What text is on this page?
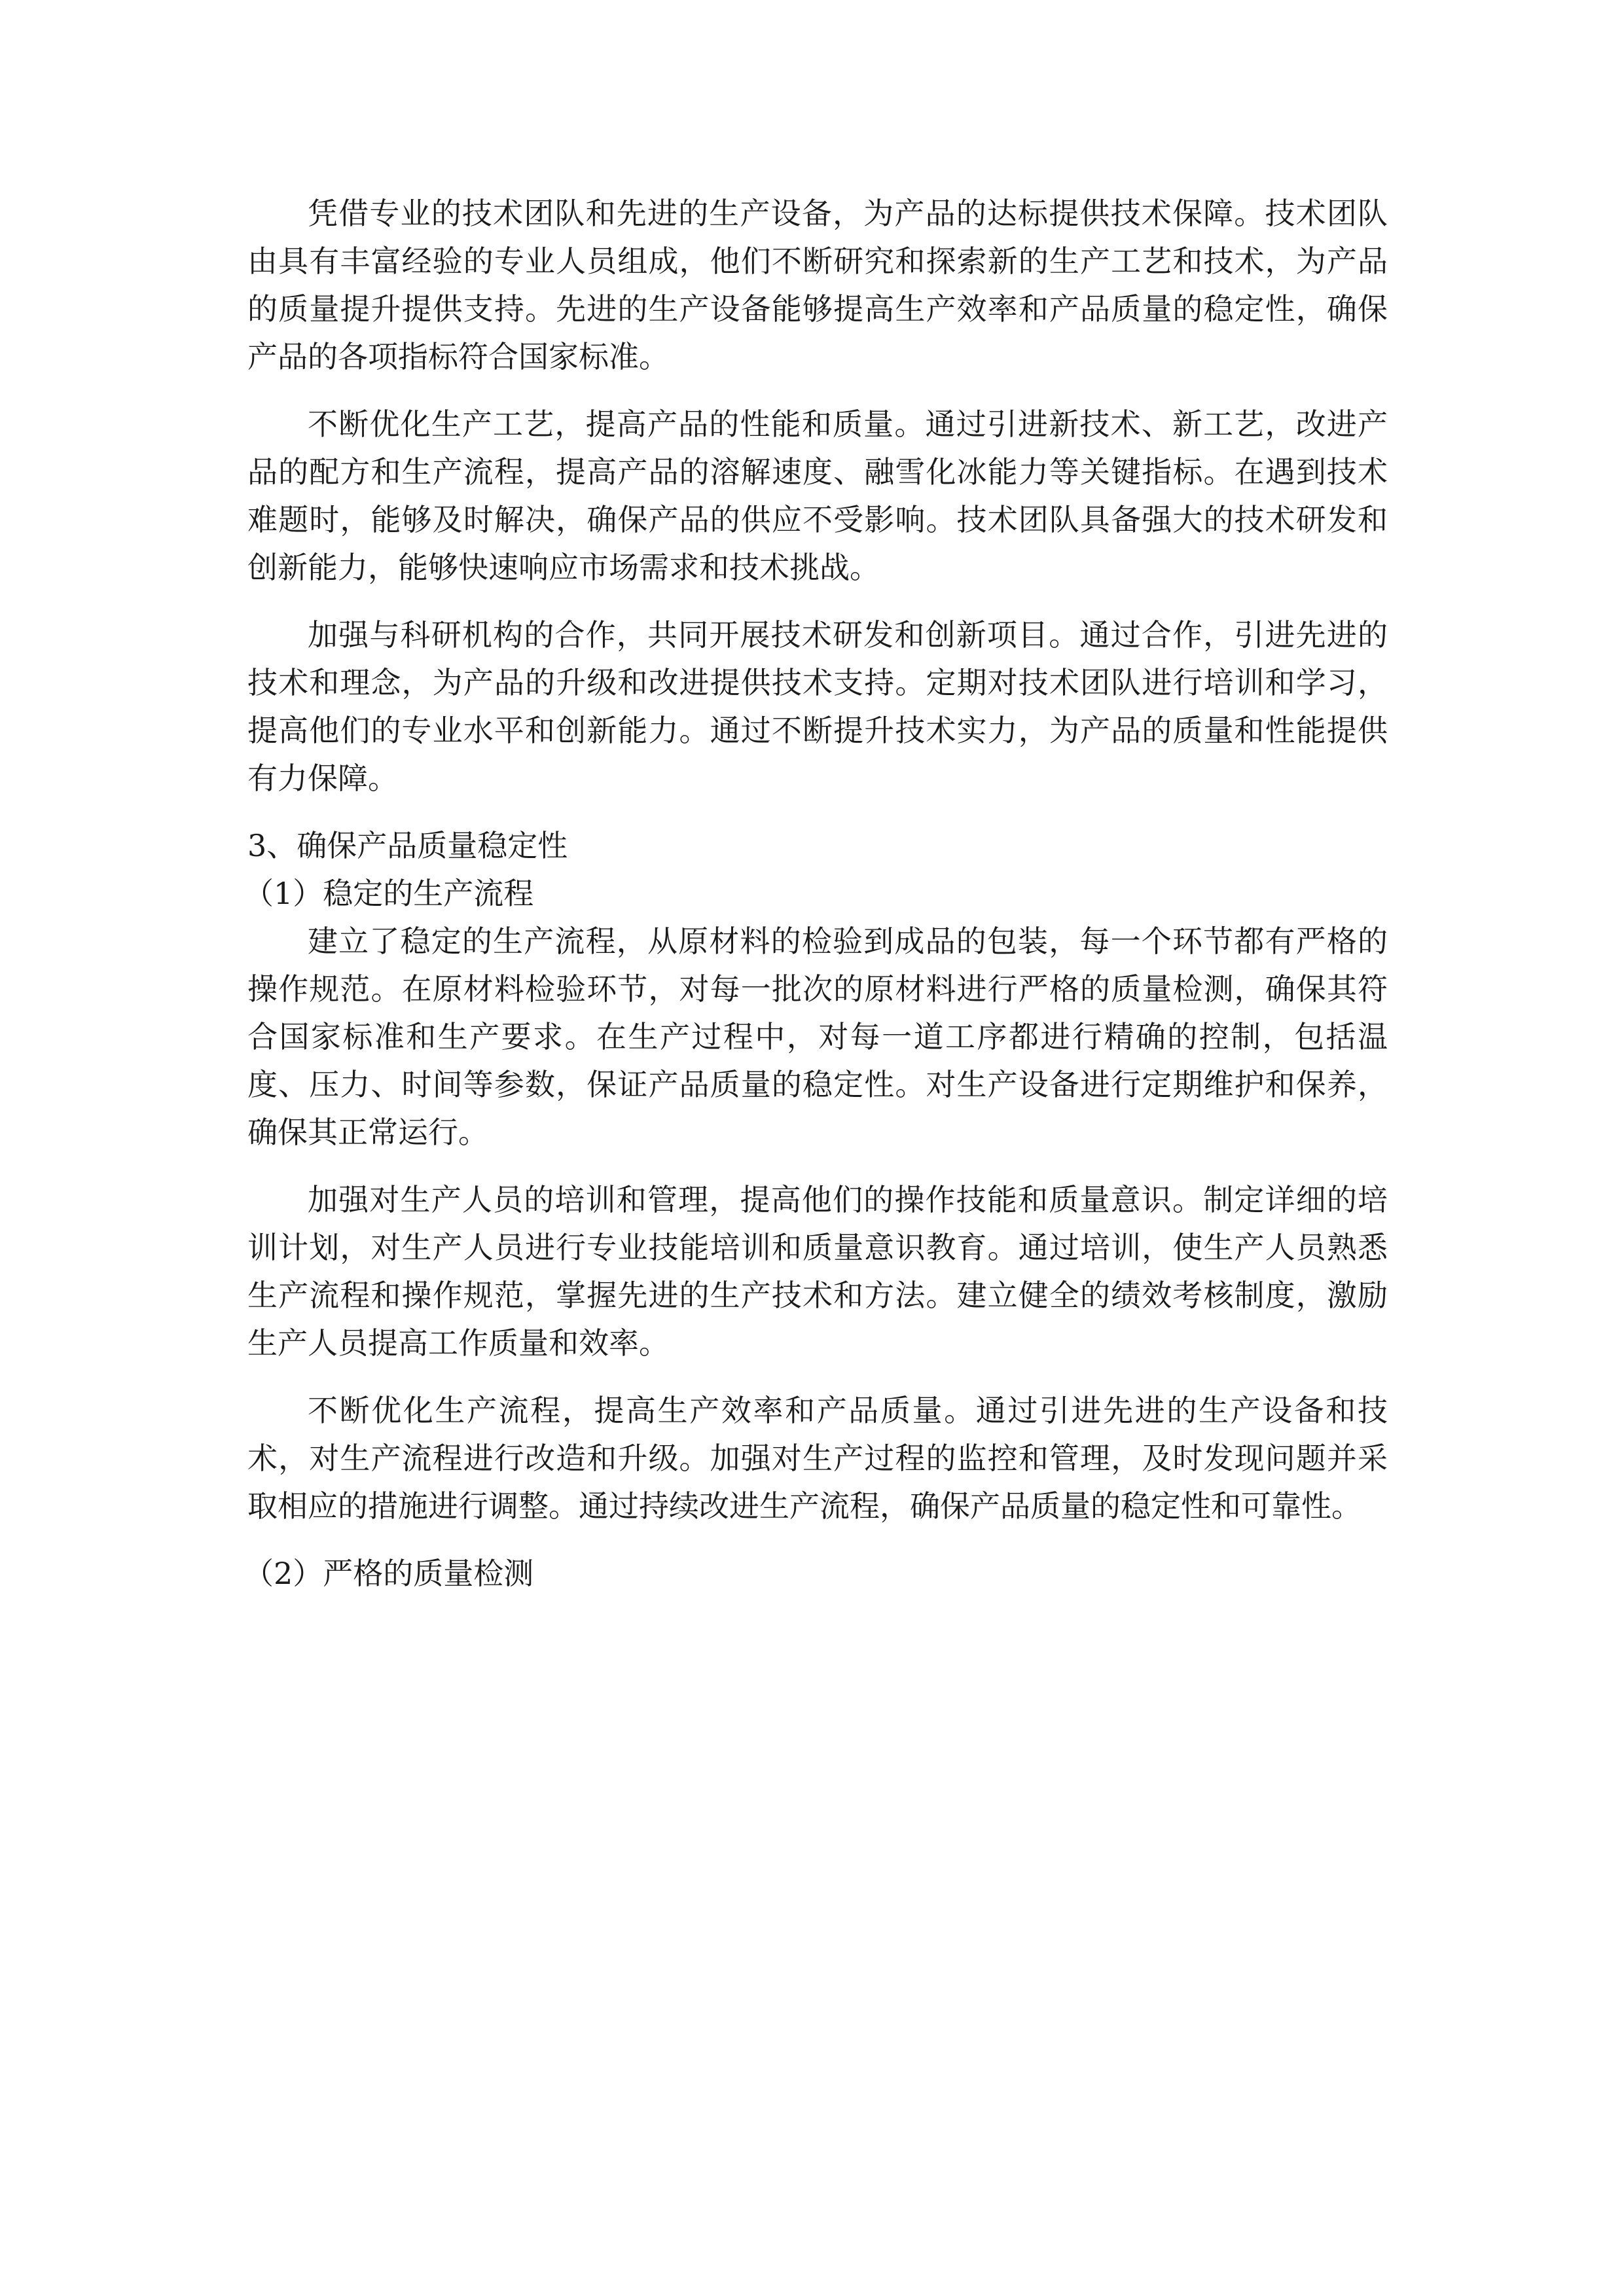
凭借专业的技术团队和先进的生产设备，为产品的达标提供技术保障。技术团队由具有丰富经验的专业人员组成，他们不断研究和探索新的生产工艺和技术，为产品的质量提升提供支持。先进的生产设备能够提高生产效率和产品质量的稳定性，确保产品的各项指标符合国家标准。

不断优化生产工艺，提高产品的性能和质量。通过引进新技术、新工艺，改进产品的配方和生产流程，提高产品的溶解速度、融雪化冰能力等关键指标。在遇到技术难题时，能够及时解决，确保产品的供应不受影响。技术团队具备强大的技术研发和创新能力，能够快速响应市场需求和技术挑战。

加强与科研机构的合作，共同开展技术研发和创新项目。通过合作，引进先进的技术和理念，为产品的升级和改进提供技术支持。定期对技术团队进行培训和学习，提高他们的专业水平和创新能力。通过不断提升技术实力，为产品的质量和性能提供有力保障。

3、确保产品质量稳定性
（1）稳定的生产流程

建立了稳定的生产流程，从原材料的检验到成品的包装，每一个环节都有严格的操作规范。在原材料检验环节，对每一批次的原材料进行严格的质量检测，确保其符合国家标准和生产要求。在生产过程中，对每一道工序都进行精确的控制，包括温度、压力、时间等参数，保证产品质量的稳定性。对生产设备进行定期维护和保养，确保其正常运行。

加强对生产人员的培训和管理，提高他们的操作技能和质量意识。制定详细的培训计划，对生产人员进行专业技能培训和质量意识教育。通过培训，使生产人员熟悉生产流程和操作规范，掌握先进的生产技术和方法。建立健全的绩效考核制度，激励生产人员提高工作质量和效率。

不断优化生产流程，提高生产效率和产品质量。通过引进先进的生产设备和技术，对生产流程进行改造和升级。加强对生产过程的监控和管理，及时发现问题并采取相应的措施进行调整。通过持续改进生产流程，确保产品质量的稳定性和可靠性。

（2）严格的质量检测
